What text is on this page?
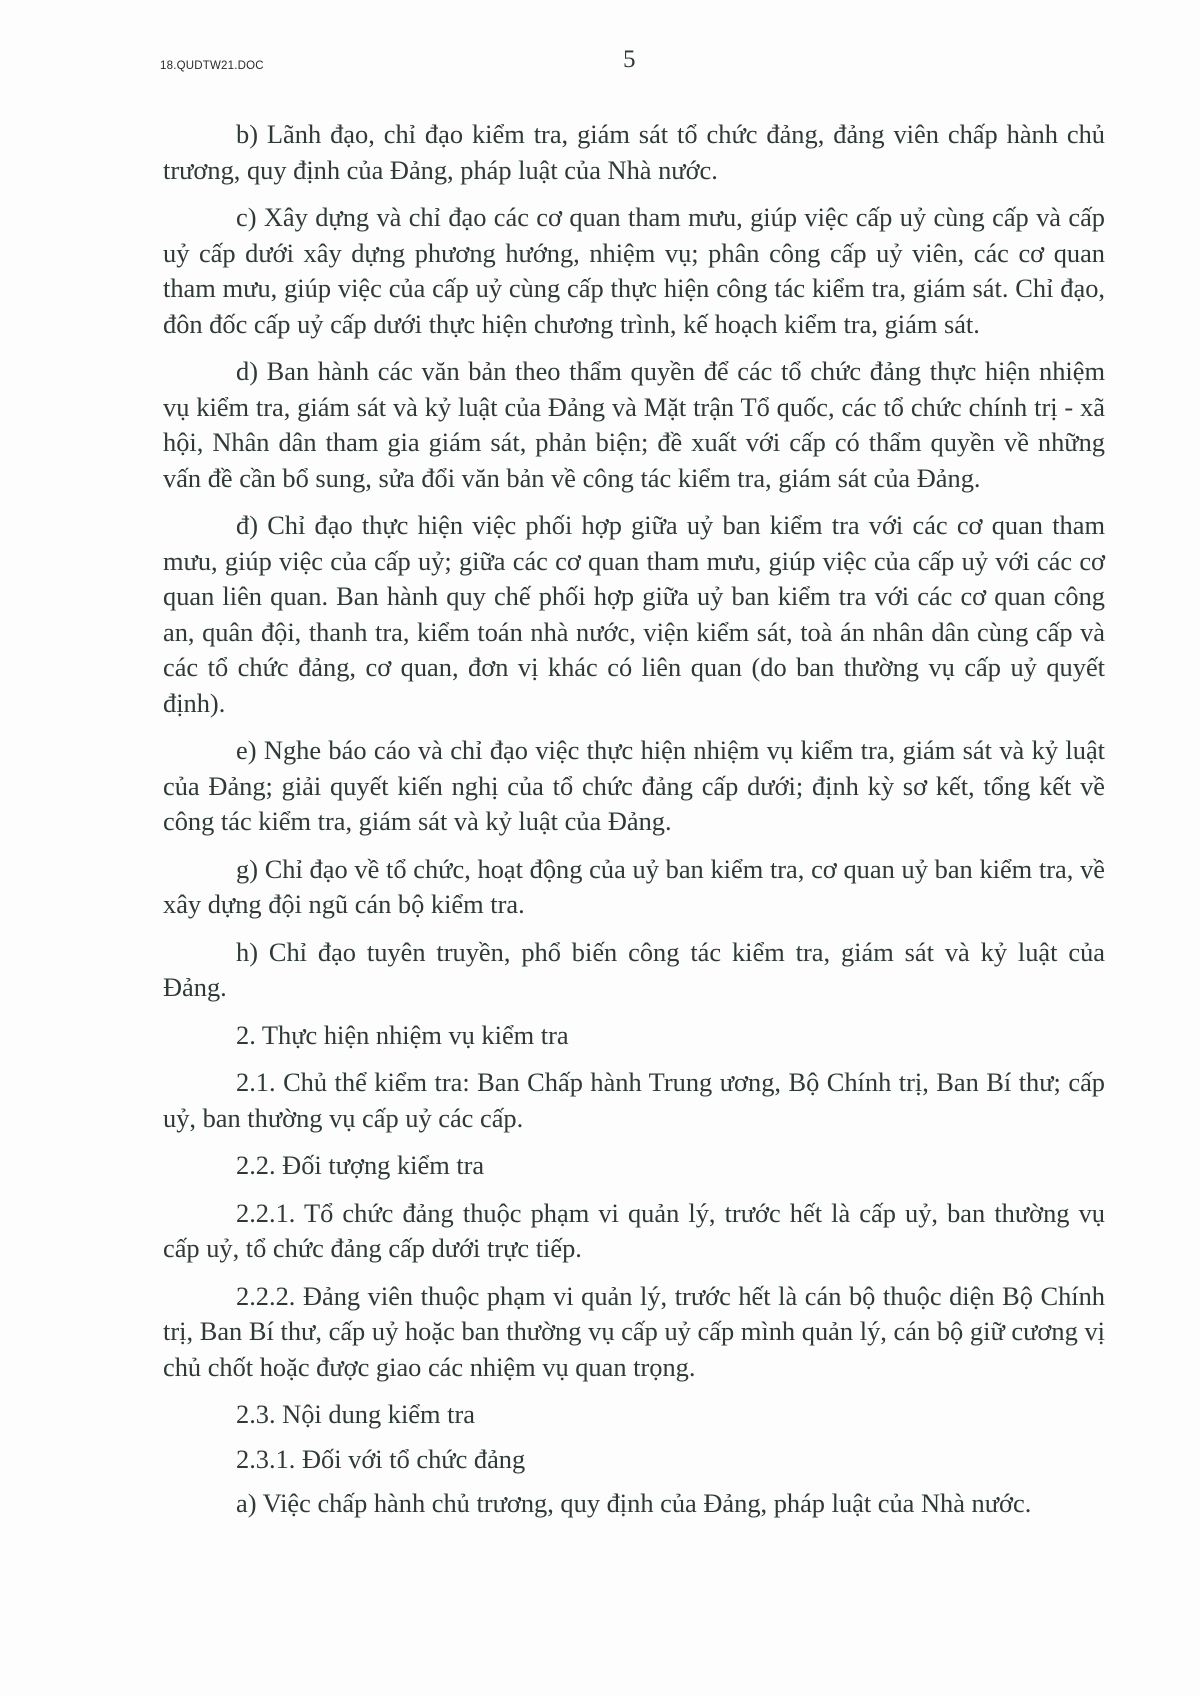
18.QUDTW21.DOC	5

b) Lãnh đạo, chỉ đạo kiểm tra, giám sát tổ chức đảng, đảng viên chấp hành chủ trương, quy định của Đảng, pháp luật của Nhà nước.

c) Xây dựng và chỉ đạo các cơ quan tham mưu, giúp việc cấp uỷ cùng cấp và cấp uỷ cấp dưới xây dựng phương hướng, nhiệm vụ; phân công cấp uỷ viên, các cơ quan tham mưu, giúp việc của cấp uỷ cùng cấp thực hiện công tác kiểm tra, giám sát. Chỉ đạo, đôn đốc cấp uỷ cấp dưới thực hiện chương trình, kế hoạch kiểm tra, giám sát.

d) Ban hành các văn bản theo thẩm quyền để các tổ chức đảng thực hiện nhiệm vụ kiểm tra, giám sát và kỷ luật của Đảng và Mặt trận Tổ quốc, các tổ chức chính trị - xã hội, Nhân dân tham gia giám sát, phản biện; đề xuất với cấp có thẩm quyền về những vấn đề cần bổ sung, sửa đổi văn bản về công tác kiểm tra, giám sát của Đảng.

đ) Chỉ đạo thực hiện việc phối hợp giữa uỷ ban kiểm tra với các cơ quan tham mưu, giúp việc của cấp uỷ; giữa các cơ quan tham mưu, giúp việc của cấp uỷ với các cơ quan liên quan. Ban hành quy chế phối hợp giữa uỷ ban kiểm tra với các cơ quan công an, quân đội, thanh tra, kiểm toán nhà nước, viện kiểm sát, toà án nhân dân cùng cấp và các tổ chức đảng, cơ quan, đơn vị khác có liên quan (do ban thường vụ cấp uỷ quyết định).

e) Nghe báo cáo và chỉ đạo việc thực hiện nhiệm vụ kiểm tra, giám sát và kỷ luật của Đảng; giải quyết kiến nghị của tổ chức đảng cấp dưới; định kỳ sơ kết, tổng kết về công tác kiểm tra, giám sát và kỷ luật của Đảng.

g) Chỉ đạo về tổ chức, hoạt động của uỷ ban kiểm tra, cơ quan uỷ ban kiểm tra, về xây dựng đội ngũ cán bộ kiểm tra.

h) Chỉ đạo tuyên truyền, phổ biến công tác kiểm tra, giám sát và kỷ luật của Đảng.

2. Thực hiện nhiệm vụ kiểm tra

2.1. Chủ thể kiểm tra: Ban Chấp hành Trung ương, Bộ Chính trị, Ban Bí thư; cấp uỷ, ban thường vụ cấp uỷ các cấp.

2.2. Đối tượng kiểm tra

2.2.1. Tổ chức đảng thuộc phạm vi quản lý, trước hết là cấp uỷ, ban thường vụ cấp uỷ, tổ chức đảng cấp dưới trực tiếp.

2.2.2. Đảng viên thuộc phạm vi quản lý, trước hết là cán bộ thuộc diện Bộ Chính trị, Ban Bí thư, cấp uỷ hoặc ban thường vụ cấp uỷ cấp mình quản lý, cán bộ giữ cương vị chủ chốt hoặc được giao các nhiệm vụ quan trọng.

2.3. Nội dung kiểm tra

2.3.1. Đối với tổ chức đảng

a) Việc chấp hành chủ trương, quy định của Đảng, pháp luật của Nhà nước.
